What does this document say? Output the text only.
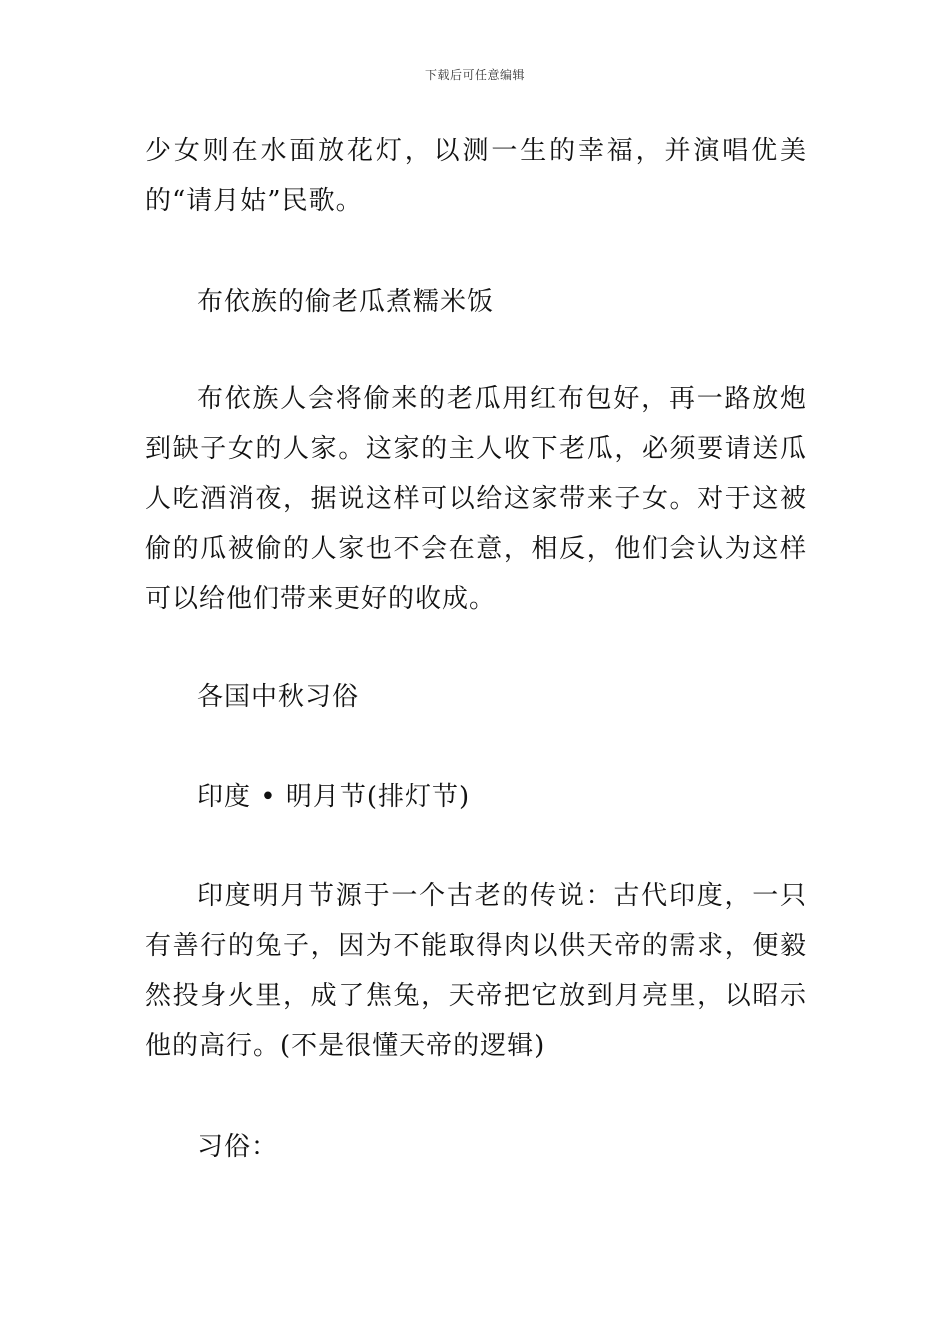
下载后可任意编辑

少女则在水面放花灯，以测一生的幸福，并演唱优美的“请月姑”民歌。

布依族的偷老瓜煮糯米饭

布依族人会将偷来的老瓜用红布包好，再一路放炮到缺子女的人家。这家的主人收下老瓜，必须要请送瓜人吃酒消夜，据说这样可以给这家带来子女。对于这被偷的瓜被偷的人家也不会在意，相反，他们会认为这样可以给他们带来更好的收成。

各国中秋习俗

印度 • 明月节(排灯节)

印度明月节源于一个古老的传说：古代印度，一只有善行的兔子，因为不能取得肉以供天帝的需求，便毅然投身火里，成了焦兔，天帝把它放到月亮里，以昭示他的高行。(不是很懂天帝的逻辑)

习俗：
